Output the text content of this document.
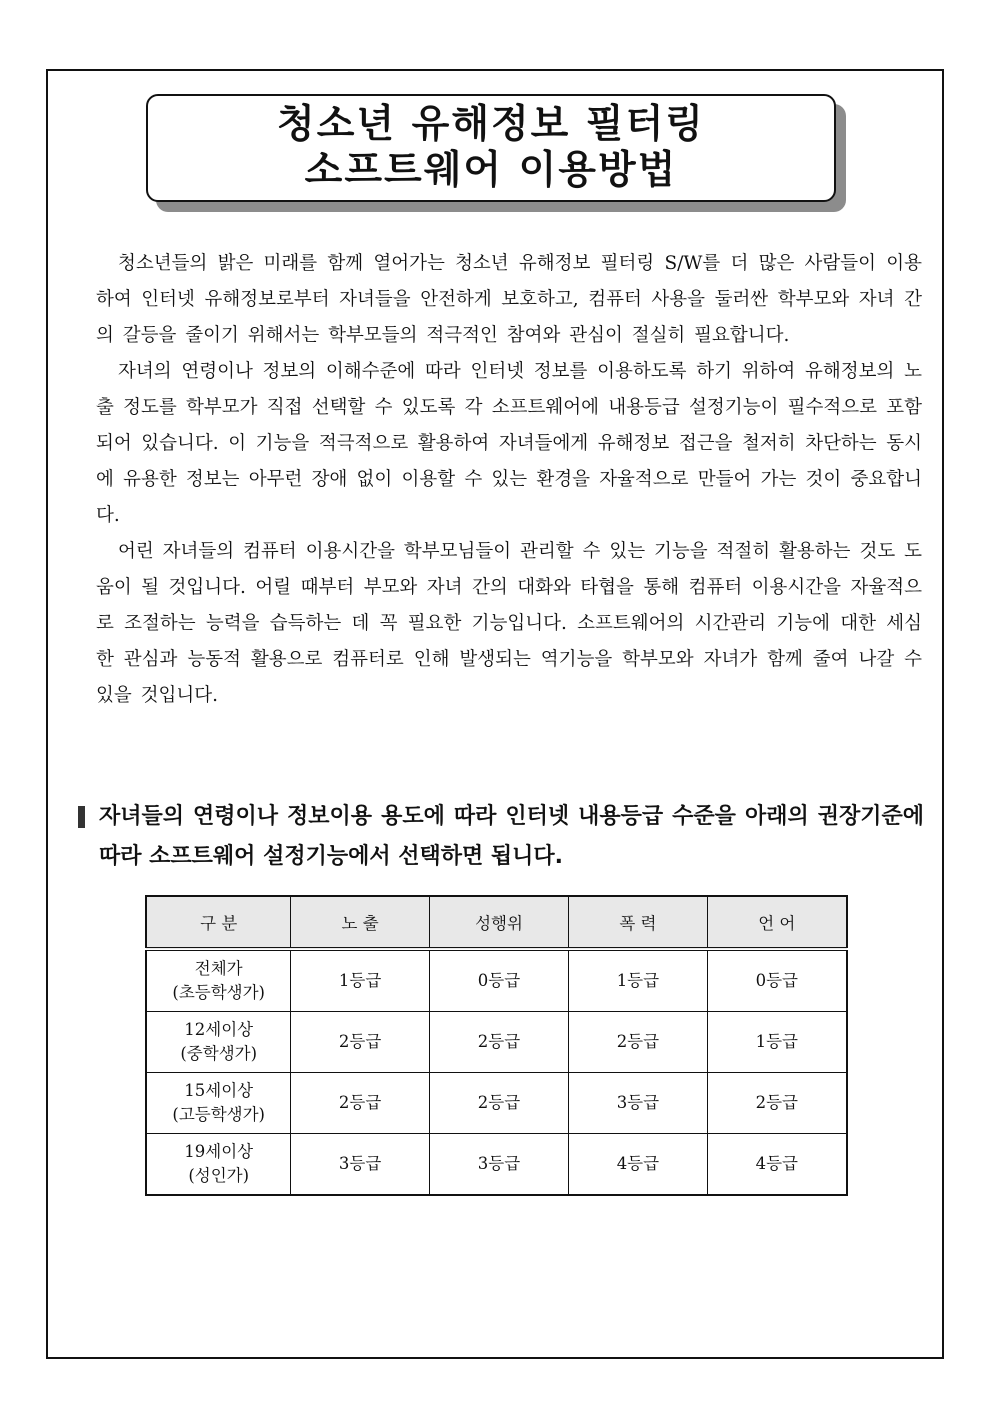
청소년 유해정보 필터링
소프트웨어 이용방법

청소년들의 밝은 미래를 함께 열어가는 청소년 유해정보 필터링 S/W를 더 많은 사람들이 이용하여 인터넷 유해정보로부터 자녀들을 안전하게 보호하고, 컴퓨터 사용을 둘러싼 학부모와 자녀 간의 갈등을 줄이기 위해서는 학부모들의 적극적인 참여와 관심이 절실히 필요합니다.

자녀의 연령이나 정보의 이해수준에 따라 인터넷 정보를 이용하도록 하기 위하여 유해정보의 노출 정도를 학부모가 직접 선택할 수 있도록 각 소프트웨어에 내용등급 설정기능이 필수적으로 포함되어 있습니다. 이 기능을 적극적으로 활용하여 자녀들에게 유해정보 접근을 철저히 차단하는 동시에 유용한 정보는 아무런 장애 없이 이용할 수 있는 환경을 자율적으로 만들어 가는 것이 중요합니다.

어린 자녀들의 컴퓨터 이용시간을 학부모님들이 관리할 수 있는 기능을 적절히 활용하는 것도 도움이 될 것입니다. 어릴 때부터 부모와 자녀 간의 대화와 타협을 통해 컴퓨터 이용시간을 자율적으로 조절하는 능력을 습득하는 데 꼭 필요한 기능입니다. 소프트웨어의 시간관리 기능에 대한 세심한 관심과 능동적 활용으로 컴퓨터로 인해 발생되는 역기능을 학부모와 자녀가 함께 줄여 나갈 수 있을 것입니다.

자녀들의 연령이나 정보이용 용도에 따라 인터넷 내용등급 수준을 아래의 권장기준에 따라 소프트웨어 설정기능에서 선택하면 됩니다.
구 분	노 출	성행위	폭 력	언 어

전체가
(초등학생가)	1등급	0등급	1등급	0등급

12세이상
(중학생가)	2등급	2등급	2등급	1등급

15세이상
(고등학생가)	2등급	2등급	3등급	2등급

19세이상
(성인가)	3등급	3등급	4등급	4등급
